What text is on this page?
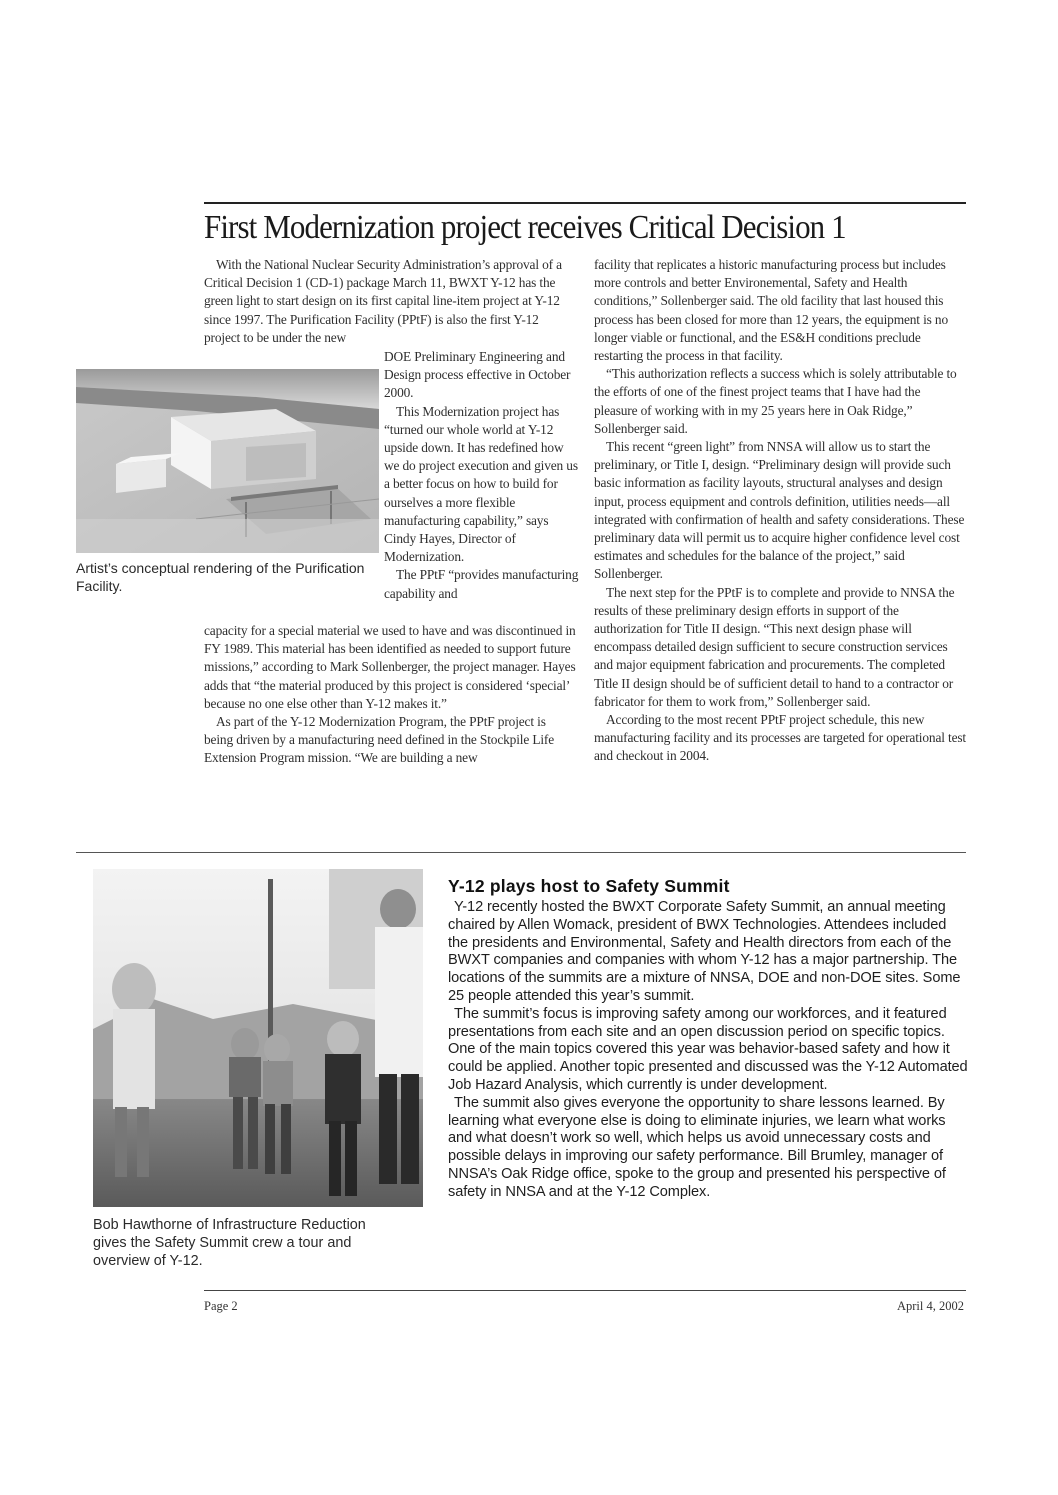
First Modernization project receives Critical Decision 1

With the National Nuclear Security Administration’s approval of a Critical Decision 1 (CD-1) package March 11, BWXT Y-12 has the green light to start design on its first capital line-item project at Y-12 since 1997. The Purification Facility (PPtF) is also the first Y-12 project to be under the new

Artist’s conceptual rendering of the Purification Facility.

DOE Preliminary Engineering and Design process effective in October 2000.

This Modernization project has “turned our whole world at Y-12 upside down. It has redefined how we do project execution and given us a better focus on how to build for ourselves a more flexible manufacturing capability,” says Cindy Hayes, Director of Modernization.

The PPtF “provides manufacturing capability and

capacity for a special material we used to have and was discontinued in FY 1989. This material has been identified as needed to support future missions,” according to Mark Sollenberger, the project manager. Hayes adds that “the material produced by this project is considered ‘special’ because no one else other than Y-12 makes it.”

As part of the Y-12 Modernization Program, the PPtF project is being driven by a manufacturing need defined in the Stockpile Life Extension Program mission. “We are building a new

facility that replicates a historic manufacturing process but includes more controls and better Environemental, Safety and Health conditions,” Sollenberger said. The old facility that last housed this process has been closed for more than 12 years, the equipment is no longer viable or functional, and the ES&H conditions preclude restarting the process in that facility.

“This authorization reflects a success which is solely attributable to the efforts of one of the finest project teams that I have had the pleasure of working with in my 25 years here in Oak Ridge,” Sollenberger said.

This recent “green light” from NNSA will allow us to start the preliminary, or Title I, design. “Preliminary design will provide such basic information as facility layouts, structural analyses and design input, process equipment and controls definition, utilities needs—all integrated with confirmation of health and safety considerations. These preliminary data will permit us to acquire higher confidence level cost estimates and schedules for the balance of the project,” said Sollenberger.

The next step for the PPtF is to complete and provide to NNSA the results of these preliminary design efforts in support of the authorization for Title II design. “This next design phase will encompass detailed design sufficient to secure construction services and major equipment fabrication and procurements. The completed Title II design should be of sufficient detail to hand to a contractor or fabricator for them to work from,” Sollenberger said.

According to the most recent PPtF project schedule, this new manufacturing facility and its processes are targeted for operational test and checkout in 2004.

Bob Hawthorne of Infrastructure Reduction gives the Safety Summit crew a tour and overview of Y-12.
Y-12 plays host to Safety Summit

Y-12 recently hosted the BWXT Corporate Safety Summit, an annual meeting chaired by Allen Womack, president of BWX Technologies. Attendees included the presidents and Environmental, Safety and Health directors from each of the BWXT companies and companies with whom Y-12 has a major partnership. The locations of the summits are a mixture of NNSA, DOE and non-DOE sites. Some 25 people attended this year’s summit.

The summit’s focus is improving safety among our workforces, and it featured presentations from each site and an open discussion period on specific topics. One of the main topics covered this year was behavior-based safety and how it could be applied. Another topic presented and discussed was the Y-12 Automated Job Hazard Analysis, which currently is under development.

The summit also gives everyone the opportunity to share lessons learned. By learning what everyone else is doing to eliminate injuries, we learn what works and what doesn’t work so well, which helps us avoid unnecessary costs and possible delays in improving our safety performance. Bill Brumley, manager of NNSA’s Oak Ridge office, spoke to the group and presented his perspective of safety in NNSA and at the Y-12 Complex.

Page 2	April 4, 2002
